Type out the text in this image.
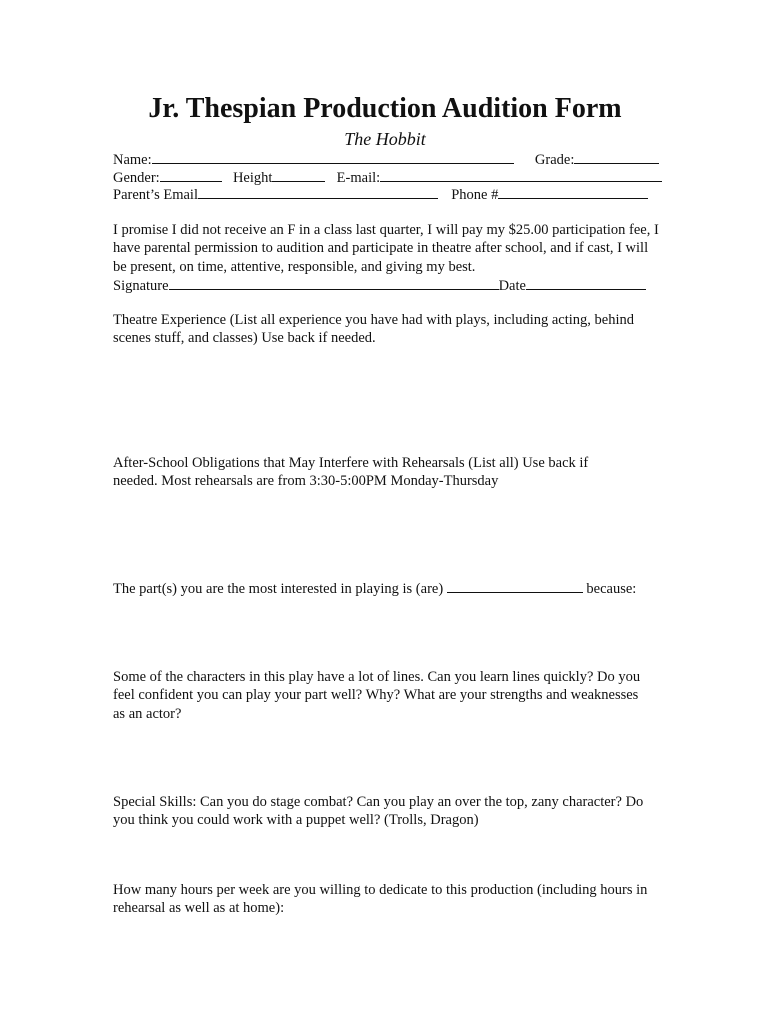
Jr. Thespian Production Audition Form
The Hobbit
Name:	Grade:
Gender:	Height	E-mail:
Parent’s Email	Phone #
I promise I did not receive an F in a class last quarter, I will pay my $25.00 participation fee, I have parental permission to audition and participate in theatre after school, and if cast, I will be present, on time, attentive, responsible, and giving my best.
Signature	Date
Theatre Experience (List all experience you have had with plays, including acting, behind scenes stuff, and classes) Use back if needed.
After-School Obligations that May Interfere with Rehearsals (List all) Use back if needed. Most rehearsals are from 3:30-5:00PM Monday-Thursday
The part(s) you are the most interested in playing is (are)	because:
Some of the characters in this play have a lot of lines. Can you learn lines quickly? Do you feel confident you can play your part well? Why? What are your strengths and weaknesses as an actor?
Special Skills: Can you do stage combat? Can you play an over the top, zany character? Do you think you could work with a puppet well? (Trolls, Dragon)
How many hours per week are you willing to dedicate to this production (including hours in rehearsal as well as at home):
